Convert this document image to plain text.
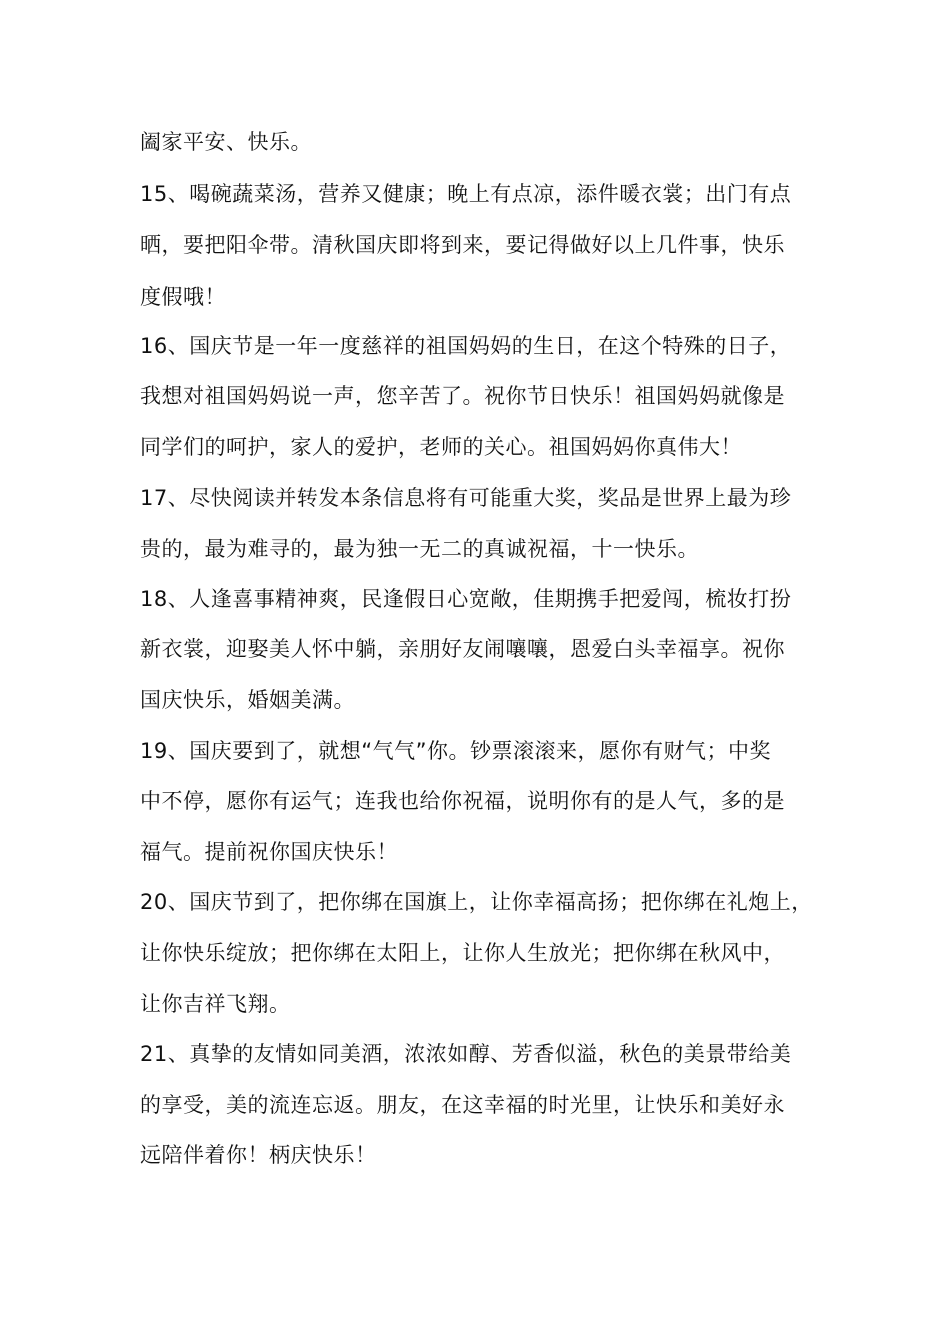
阖家平安、快乐。
15、喝碗蔬菜汤，营养又健康；晚上有点凉，添件暖衣裳；出门有点
晒，要把阳伞带。清秋国庆即将到来，要记得做好以上几件事，快乐
度假哦！
16、国庆节是一年一度慈祥的祖国妈妈的生日，在这个特殊的日子，
我想对祖国妈妈说一声，您辛苦了。祝你节日快乐！祖国妈妈就像是
同学们的呵护，家人的爱护，老师的关心。祖国妈妈你真伟大！
17、尽快阅读并转发本条信息将有可能重大奖，奖品是世界上最为珍
贵的，最为难寻的，最为独一无二的真诚祝福，十一快乐。
18、人逢喜事精神爽，民逢假日心宽敞，佳期携手把爱闯，梳妆打扮
新衣裳，迎娶美人怀中躺，亲朋好友闹嚷嚷，恩爱白头幸福享。祝你
国庆快乐，婚姻美满。
19、国庆要到了，就想“气气”你。钞票滚滚来，愿你有财气；中奖
中不停，愿你有运气；连我也给你祝福，说明你有的是人气，多的是
福气。提前祝你国庆快乐！
20、国庆节到了，把你绑在国旗上，让你幸福高扬；把你绑在礼炮上，
让你快乐绽放；把你绑在太阳上，让你人生放光；把你绑在秋风中，
让你吉祥飞翔。
21、真挚的友情如同美酒，浓浓如醇、芳香似溢，秋色的美景带给美
的享受，美的流连忘返。朋友，在这幸福的时光里，让快乐和美好永
远陪伴着你！柄庆快乐！
